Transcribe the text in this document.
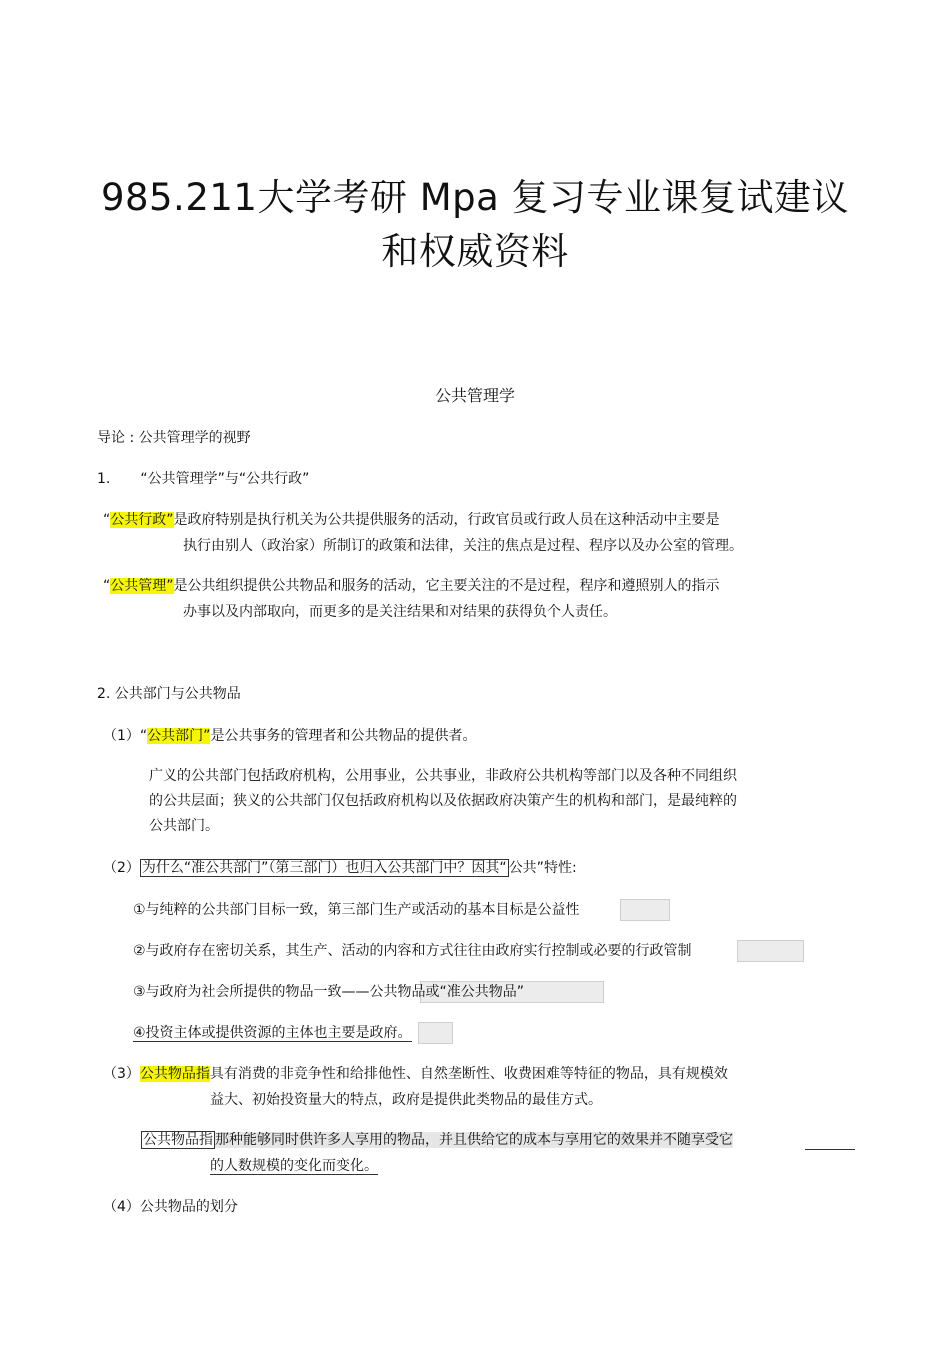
985.211大学考研 Mpa 复习专业课复试建议
和权威资料
公共管理学
导论 : 公共管理学的视野
1. “公共管理学”与“公共行政”
“公共行政”是政府特别是执行机关为公共提供服务的活动，行政官员或行政人员在这种活动中主要是
执行由别人（政治家）所制订的政策和法律，关注的焦点是过程、程序以及办公室的管理。
“公共管理”是公共组织提供公共物品和服务的活动，它主要关注的不是过程，程序和遵照别人的指示
办事以及内部取向，而更多的是关注结果和对结果的获得负个人责任。
2. 公共部门与公共物品
（1）“公共部门”是公共事务的管理者和公共物品的提供者。
广义的公共部门包括政府机构，公用事业，公共事业，非政府公共机构等部门以及各种不同组织
的公共层面；狭义的公共部门仅包括政府机构以及依据政府决策产生的机构和部门，是最纯粹的
公共部门。
（2） 为什么“准公共部门”（第三部门）也归入公共部门中？因其“ 公共”特性:
①与纯粹的公共部门目标一致，第三部门生产或活动的基本目标是公益性
②与政府存在密切关系，其生产、活动的内容和方式往往由政府实行控制或必要的行政管制
③与政府为社会所提供的物品一致——公共物品或“准公共物品”
④投资主体或提供资源的主体也主要是政府。
（3）公共物品指具有消费的非竞争性和给排他性、自然垄断性、收费困难等特征的物品，具有规模效
益大、初始投资量大的特点，政府是提供此类物品的最佳方式。
公共物品指 那种能够同时供许多人享用的物品，并且供给它的成本与享用它的效果并不随享受它
的人数规模的变化而变化。
（4）公共物品的划分
